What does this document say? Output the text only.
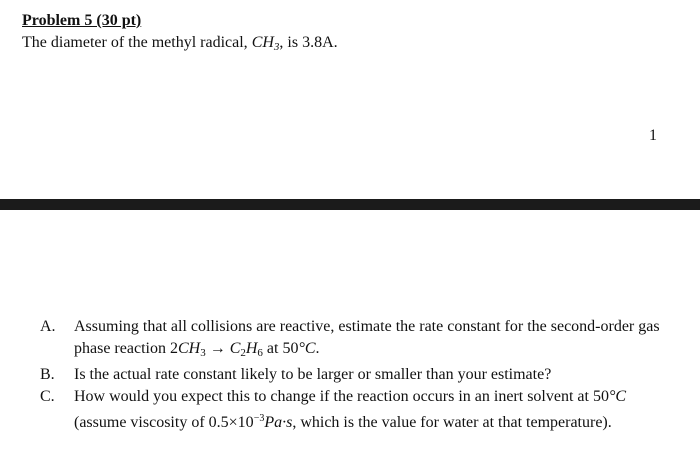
Problem 5 (30 pt)
The diameter of the methyl radical, $CH_3$, is 3.8A.
1
A.	Assuming that all collisions are reactive, estimate the rate constant for the second-order gas phase reaction $2CH_3 \to C_2H_6$ at 50°C.
B.	Is the actual rate constant likely to be larger or smaller than your estimate?
C.	How would you expect this to change if the reaction occurs in an inert solvent at 50°C (assume viscosity of $0.5\times 10^{-3}Pa\cdot s$, which is the value for water at that temperature).
